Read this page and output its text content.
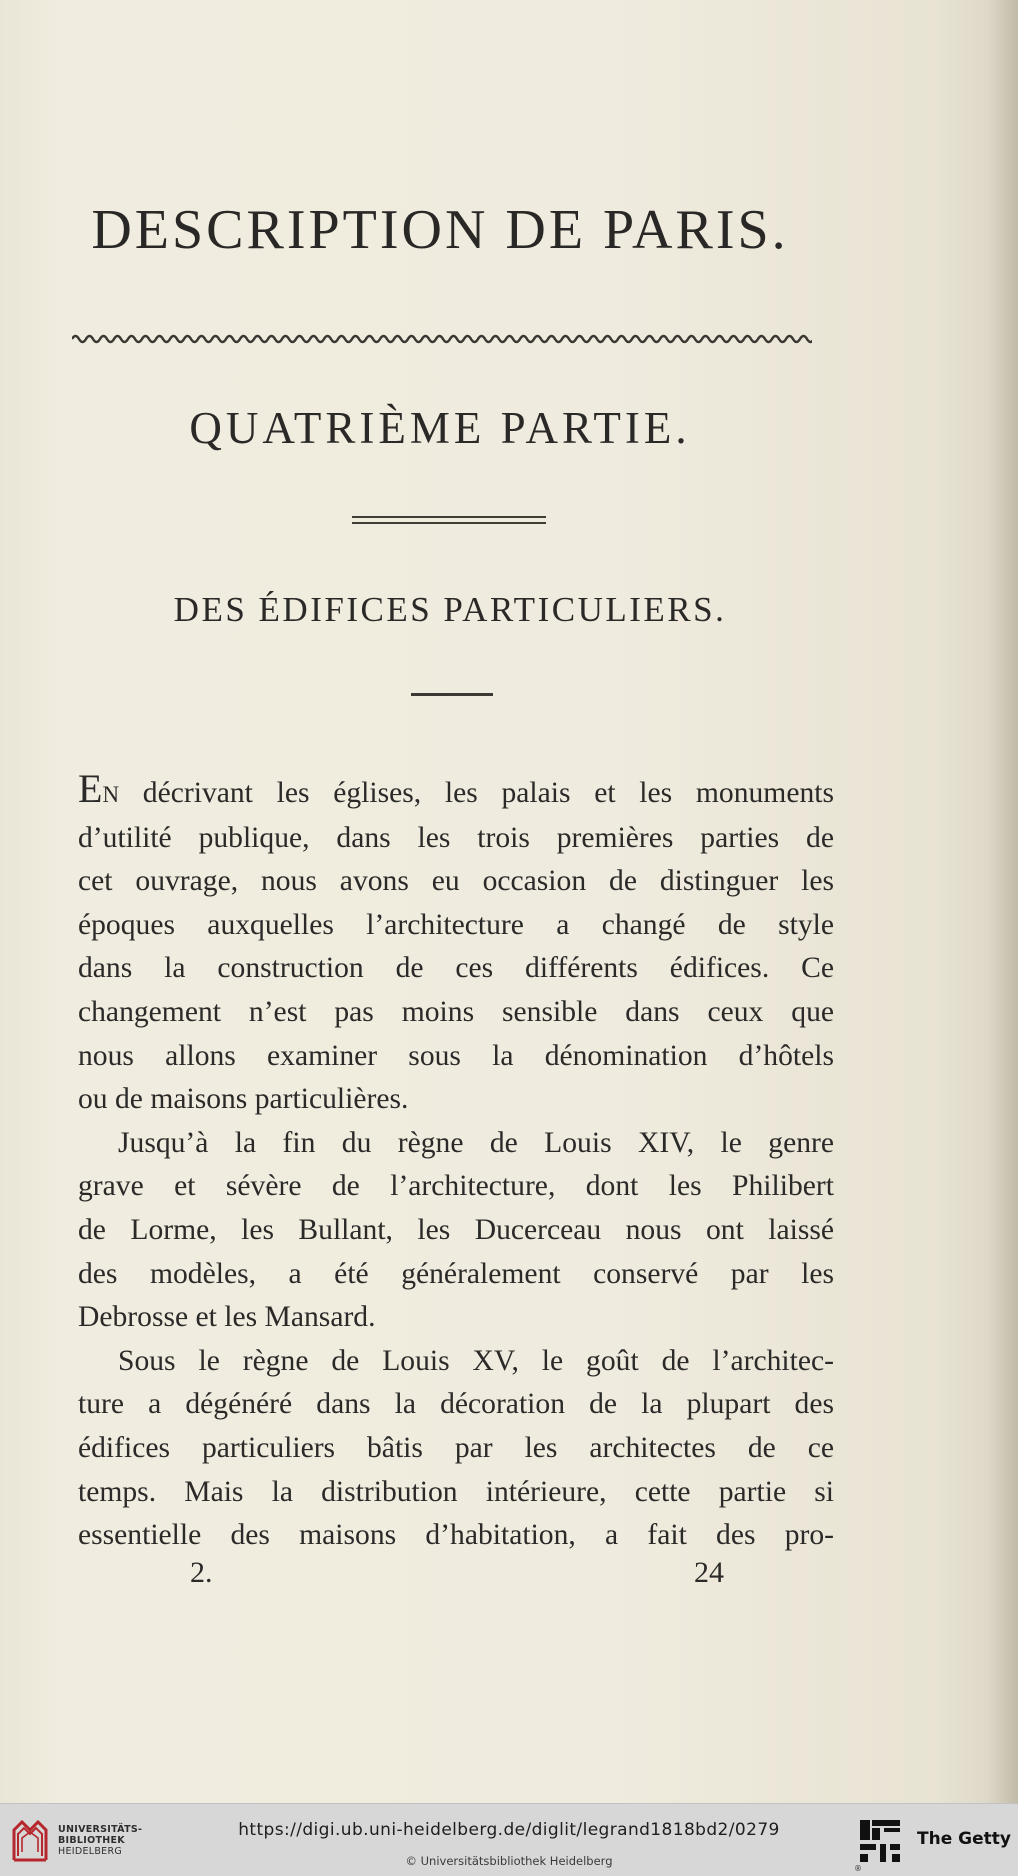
DESCRIPTION DE PARIS.
QUATRIÈME PARTIE.
DES ÉDIFICES PARTICULIERS.
EN décrivant les églises, les palais et les monuments
d’utilité publique, dans les trois premières parties de
cet ouvrage, nous avons eu occasion de distinguer les
époques auxquelles l’architecture a changé de style
dans la construction de ces différents édifices. Ce
changement n’est pas moins sensible dans ceux que
nous allons examiner sous la dénomination d’hôtels
ou de maisons particulières.
Jusqu’à la fin du règne de Louis XIV, le genre
grave et sévère de l’architecture, dont les Philibert
de Lorme, les Bullant, les Ducerceau nous ont laissé
des modèles, a été généralement conservé par les
Debrosse et les Mansard.
Sous le règne de Louis XV, le goût de l’architec-
ture a dégénéré dans la décoration de la plupart des
édifices particuliers bâtis par les architectes de ce
temps. Mais la distribution intérieure, cette partie si
essentielle des maisons d’habitation, a fait des pro-
2.	24
UNIVERSITÄTS-
BIBLIOTHEK
HEIDELBERG
https://digi.ub.uni-heidelberg.de/diglit/legrand1818bd2/0279
© Universitätsbibliothek Heidelberg
®
The Getty
